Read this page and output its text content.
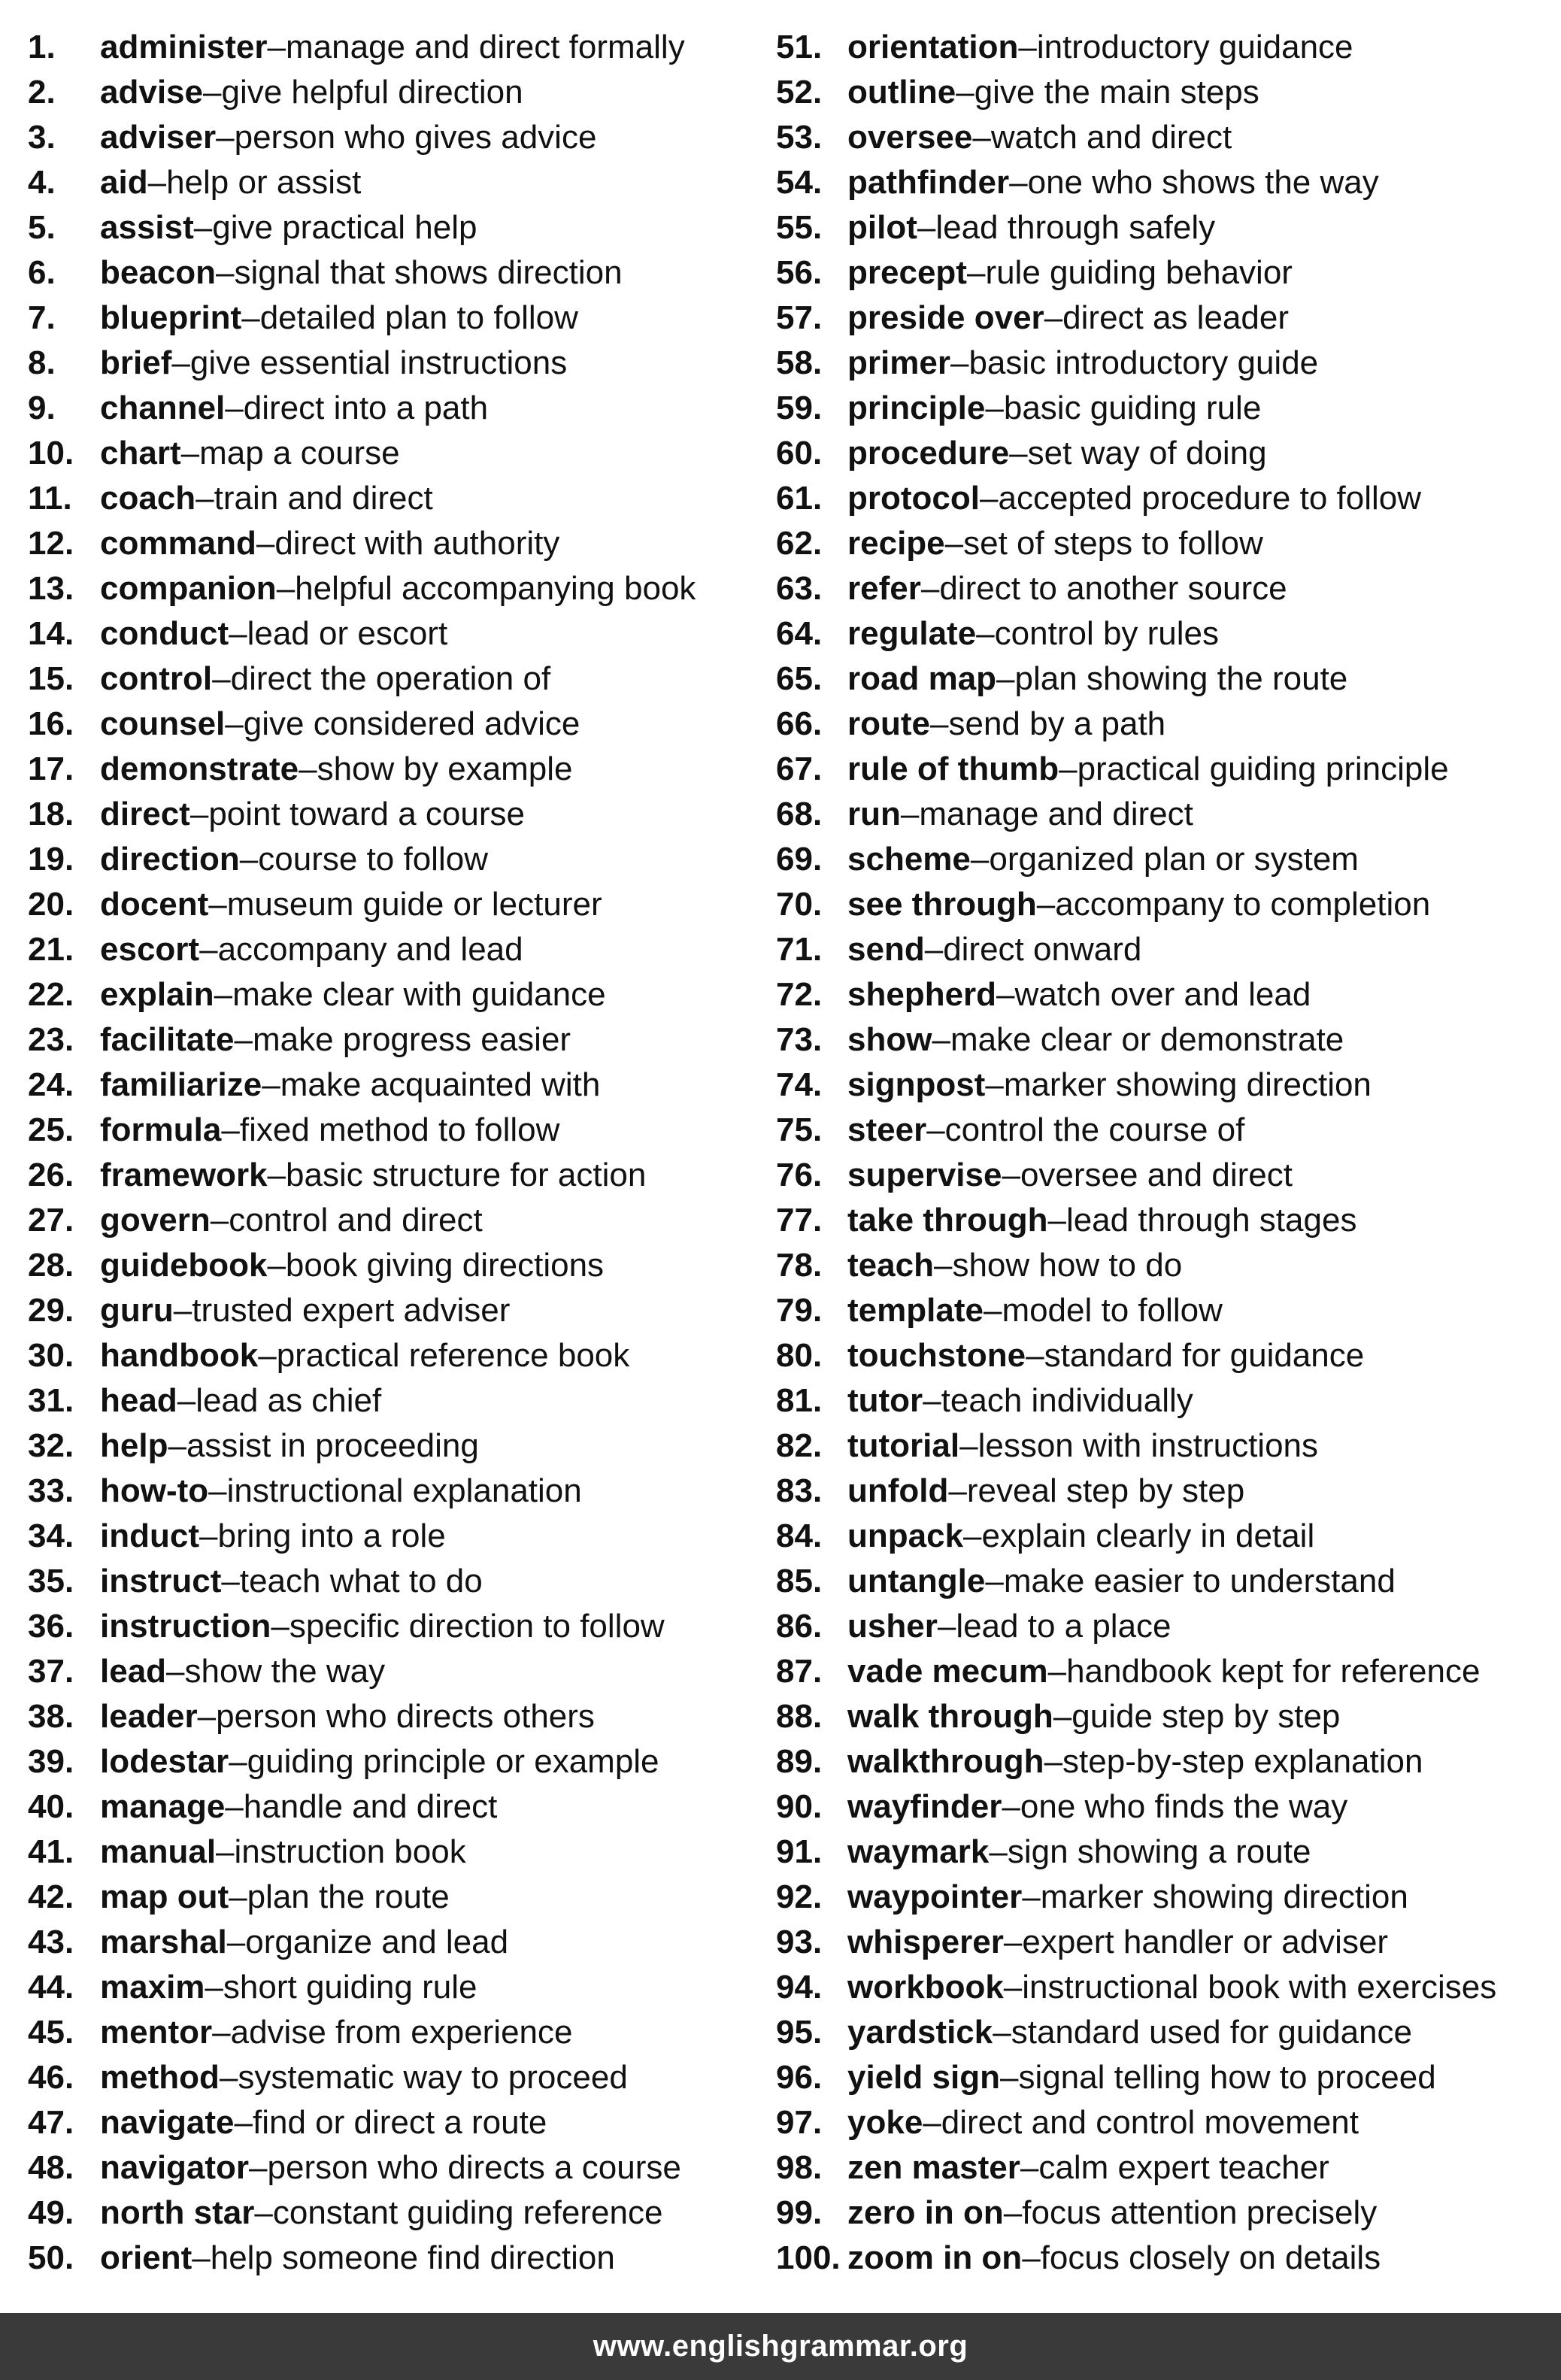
1.	administer – manage and direct formally
2.	advise – give helpful direction
3.	adviser – person who gives advice
4.	aid – help or assist
5.	assist – give practical help
6.	beacon – signal that shows direction
7.	blueprint – detailed plan to follow
8.	brief – give essential instructions
9.	channel – direct into a path
10. chart – map a course
11. coach – train and direct
12. command – direct with authority
13. companion – helpful accompanying book
14. conduct – lead or escort
15. control – direct the operation of
16. counsel – give considered advice
17. demonstrate – show by example
18. direct – point toward a course
19. direction – course to follow
20. docent – museum guide or lecturer
21. escort – accompany and lead
22. explain – make clear with guidance
23. facilitate – make progress easier
24. familiarize – make acquainted with
25. formula – fixed method to follow
26. framework – basic structure for action
27. govern – control and direct
28. guidebook – book giving directions
29. guru – trusted expert adviser
30. handbook – practical reference book
31. head – lead as chief
32. help – assist in proceeding
33. how-to – instructional explanation
34. induct – bring into a role
35. instruct – teach what to do
36. instruction – specific direction to follow
37. lead – show the way
38. leader – person who directs others
39. lodestar – guiding principle or example
40. manage – handle and direct
41. manual – instruction book
42. map out – plan the route
43. marshal – organize and lead
44. maxim – short guiding rule
45. mentor – advise from experience
46. method – systematic way to proceed
47. navigate – find or direct a route
48. navigator – person who directs a course
49. north star – constant guiding reference
50. orient – help someone find direction
51. orientation – introductory guidance
52. outline – give the main steps
53. oversee – watch and direct
54. pathfinder – one who shows the way
55. pilot – lead through safely
56. precept – rule guiding behavior
57. preside over – direct as leader
58. primer – basic introductory guide
59. principle – basic guiding rule
60. procedure – set way of doing
61. protocol – accepted procedure to follow
62. recipe – set of steps to follow
63. refer – direct to another source
64. regulate – control by rules
65. road map – plan showing the route
66. route – send by a path
67. rule of thumb – practical guiding principle
68. run – manage and direct
69. scheme – organized plan or system
70. see through – accompany to completion
71. send – direct onward
72. shepherd – watch over and lead
73. show – make clear or demonstrate
74. signpost – marker showing direction
75. steer – control the course of
76. supervise – oversee and direct
77. take through – lead through stages
78. teach – show how to do
79. template – model to follow
80. touchstone – standard for guidance
81. tutor – teach individually
82. tutorial – lesson with instructions
83. unfold – reveal step by step
84. unpack – explain clearly in detail
85. untangle – make easier to understand
86. usher – lead to a place
87. vade mecum – handbook kept for reference
88. walk through – guide step by step
89. walkthrough – step-by-step explanation
90. wayfinder – one who finds the way
91. waymark – sign showing a route
92. waypointer – marker showing direction
93. whisperer – expert handler or adviser
94. workbook – instructional book with exercises
95. yardstick – standard used for guidance
96. yield sign – signal telling how to proceed
97. yoke – direct and control movement
98. zen master – calm expert teacher
99. zero in on – focus attention precisely
100. zoom in on – focus closely on details
www.englishgrammar.org
